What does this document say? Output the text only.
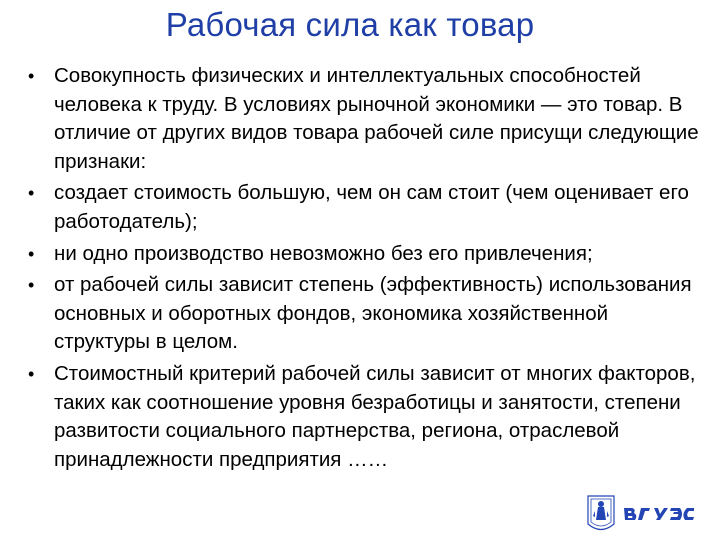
Рабочая сила как товар
• Совокупность физических и интеллектуальных способностей человека к труду. В условиях рыночной экономики — это товар. В отличие от других видов товара рабочей силе присущи следующие признаки:
• создает стоимость большую, чем он сам стоит (чем оценивает его работодатель);
• ни одно производство невозможно без его привлечения;
• от рабочей силы зависит степень (эффективность) использования основных и оборотных фондов, экономика хозяйственной структуры в целом.
• Стоимостный критерий рабочей силы зависит от многих факторов, таких как соотношение уровня безработицы и занятости, степени развитости социального партнерства, региона, отраслевой принадлежности предприятия ……
